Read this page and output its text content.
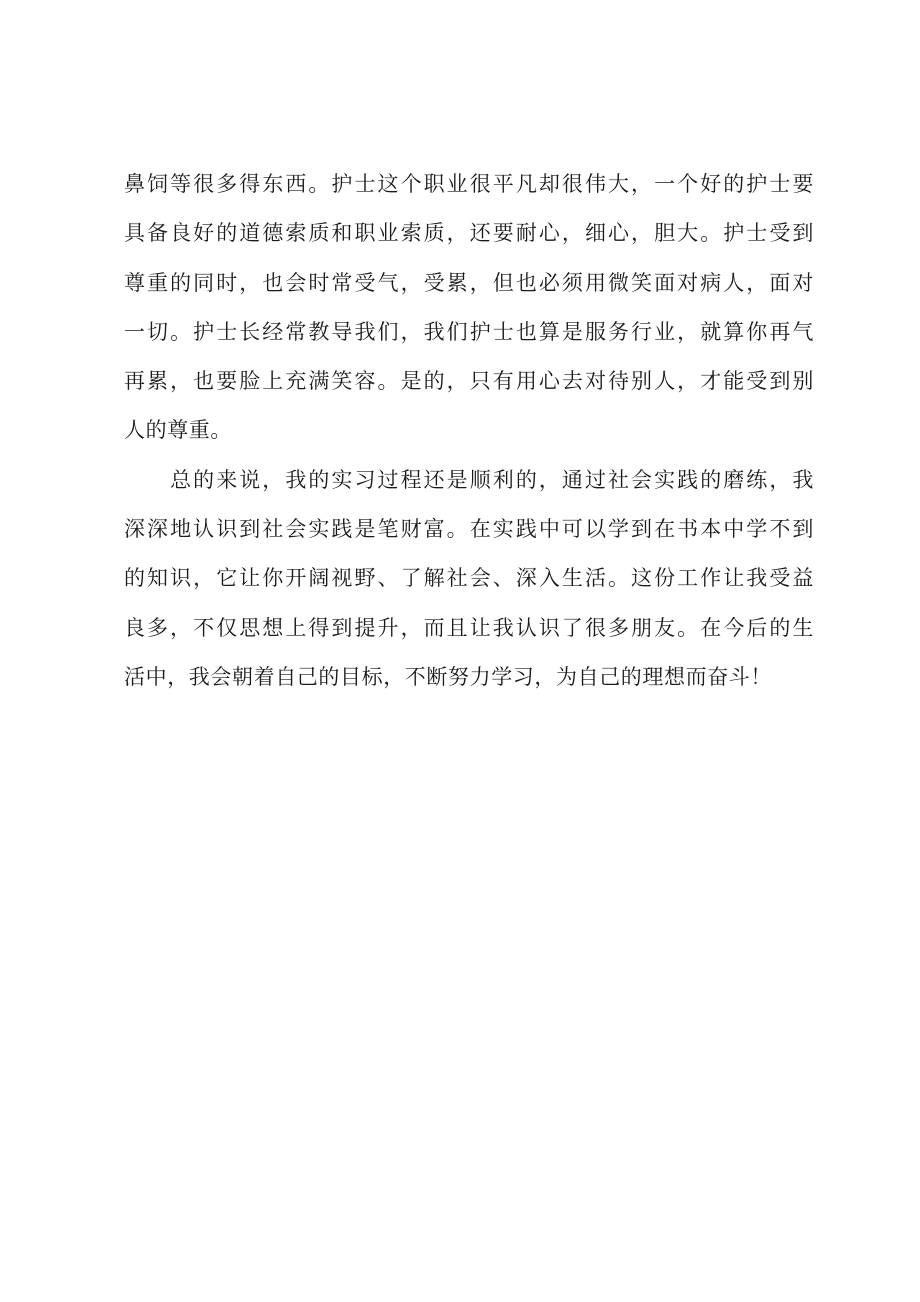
鼻饲等很多得东西。护士这个职业很平凡却很伟大，一个好的护士要
具备良好的道德索质和职业索质，还要耐心，细心，胆大。护士受到
尊重的同时，也会时常受气，受累，但也必须用微笑面对病人，面对
一切。护士长经常教导我们，我们护士也算是服务行业，就算你再气
再累，也要脸上充满笑容。是的，只有用心去对待别人，才能受到别
人的尊重。
　　总的来说，我的实习过程还是顺利的，通过社会实践的磨练，我
深深地认识到社会实践是笔财富。在实践中可以学到在书本中学不到
的知识，它让你开阔视野、了解社会、深入生活。这份工作让我受益
良多，不仅思想上得到提升，而且让我认识了很多朋友。在今后的生
活中，我会朝着自己的目标，不断努力学习，为自己的理想而奋斗！
